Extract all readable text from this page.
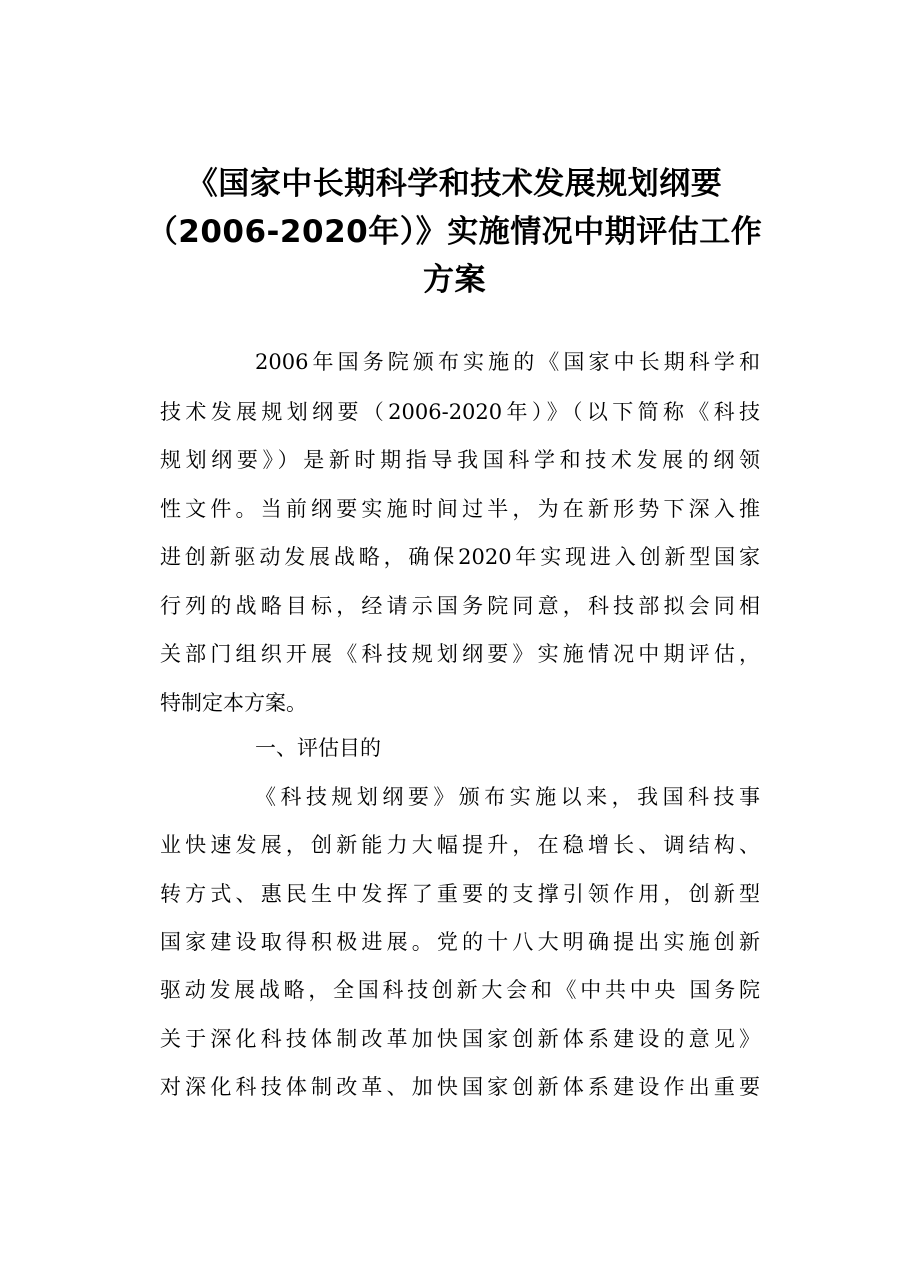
《国家中长期科学和技术发展规划纲要
（2006-2020年）》实施情况中期评估工作
方案
2006年国务院颁布实施的《国家中长期科学和
技术发展规划纲要（2006-2020年）》（以下简称《科技
规划纲要》）是新时期指导我国科学和技术发展的纲领
性文件。当前纲要实施时间过半，为在新形势下深入推
进创新驱动发展战略，确保2020年实现进入创新型国家
行列的战略目标，经请示国务院同意，科技部拟会同相
关部门组织开展《科技规划纲要》实施情况中期评估，
特制定本方案。
一、评估目的
《科技规划纲要》颁布实施以来，我国科技事
业快速发展，创新能力大幅提升，在稳增长、调结构、
转方式、惠民生中发挥了重要的支撑引领作用，创新型
国家建设取得积极进展。党的十八大明确提出实施创新
驱动发展战略，全国科技创新大会和《中共中央 国务院
关于深化科技体制改革加快国家创新体系建设的意见》
对深化科技体制改革、加快国家创新体系建设作出重要
